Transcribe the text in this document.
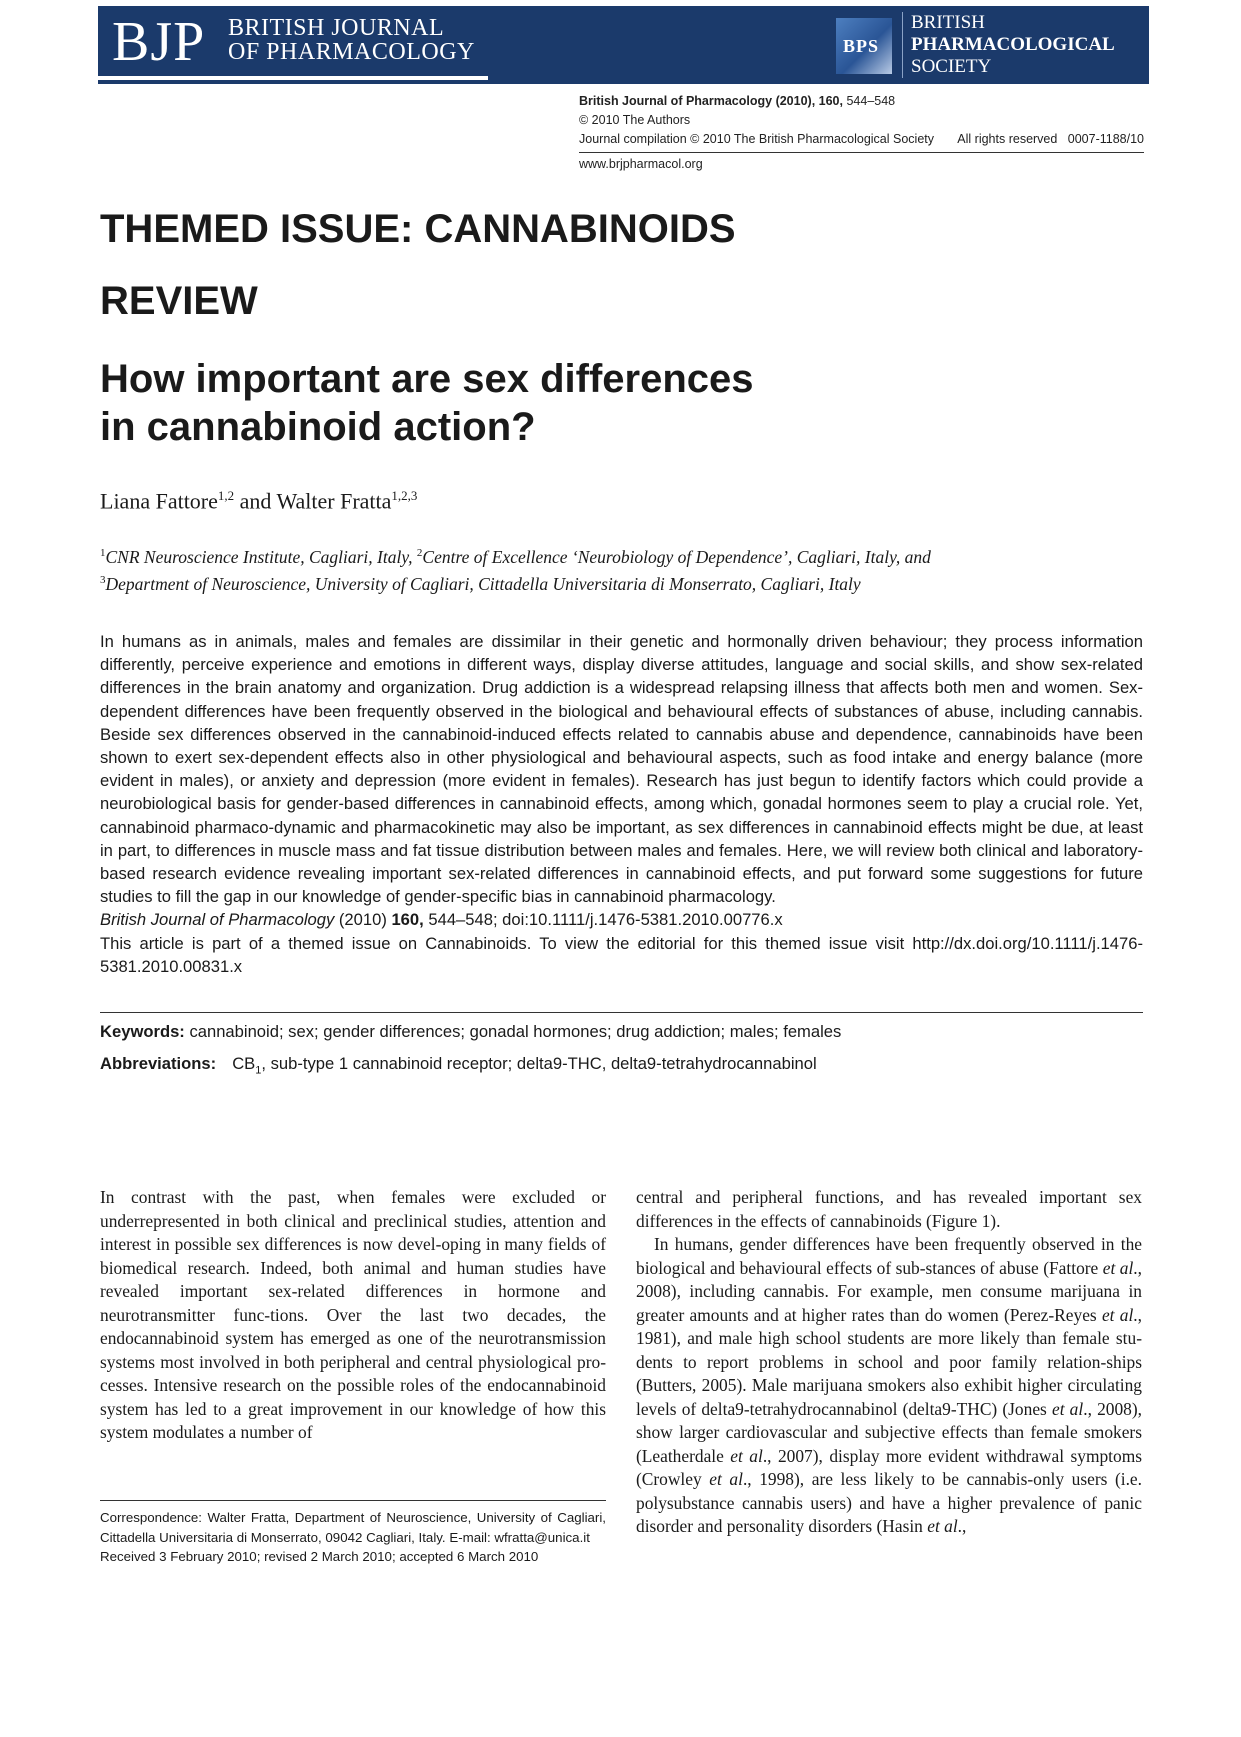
BJP BRITISH JOURNAL
OF PHARMACOLOGY	BPS
BRITISH
PHARMACOLOGICAL
SOCIETY
British Journal of Pharmacology (2010), 160, 544–548
© 2010 The Authors
Journal compilation © 2010 The British Pharmacological Society All rights reserved 0007-1188/10
www.brjpharmacol.org
THEMED ISSUE: CANNABINOIDS
REVIEW
How important are sex differences
in cannabinoid action?
Liana Fattore$^{1,2}$ and Walter Fratta$^{1,2,3}$
$^1$CNR Neuroscience Institute, Cagliari, Italy, $^2$Centre of Excellence ‘Neurobiology of Dependence’, Cagliari, Italy, and
$^3$Department of Neuroscience, University of Cagliari, Cittadella Universitaria di Monserrato, Cagliari, Italy

In humans as in animals, males and females are dissimilar in their genetic and hormonally driven behaviour; they process information differently, perceive experience and emotions in different ways, display diverse attitudes, language and social skills, and show sex-related differences in the brain anatomy and organization. Drug addiction is a widespread relapsing illness that affects both men and women. Sex-dependent differences have been frequently observed in the biological and behavioural effects of substances of abuse, including cannabis. Beside sex differences observed in the cannabinoid-induced effects related to cannabis abuse and dependence, cannabinoids have been shown to exert sex-dependent effects also in other physiological and behavioural aspects, such as food intake and energy balance (more evident in males), or anxiety and depression (more evident in females). Research has just begun to identify factors which could provide a neurobiological basis for gender-based differences in cannabinoid effects, among which, gonadal hormones seem to play a crucial role. Yet, cannabinoid pharmaco-dynamic and pharmacokinetic may also be important, as sex differences in cannabinoid effects might be due, at least in part, to differences in muscle mass and fat tissue distribution between males and females. Here, we will review both clinical and laboratory-based research evidence revealing important sex-related differences in cannabinoid effects, and put forward some suggestions for future studies to fill the gap in our knowledge of gender-specific bias in cannabinoid pharmacology.

British Journal of Pharmacology (2010) 160, 544–548; doi:10.1111/j.1476-5381.2010.00776.x

This article is part of a themed issue on Cannabinoids. To view the editorial for this themed issue visit http://dx.doi.org/10.1111/j.1476-5381.2010.00831.x

Keywords: cannabinoid; sex; gender differences; gonadal hormones; drug addiction; males; females
Abbreviations: $CB_1$, sub-type 1 cannabinoid receptor; delta9-THC, delta9-tetrahydrocannabinol

In contrast with the past, when females were excluded or underrepresented in both clinical and preclinical studies, attention and interest in possible sex differences is now devel-oping in many fields of biomedical research. Indeed, both animal and human studies have revealed important sex-related differences in hormone and neurotransmitter func-tions. Over the last two decades, the endocannabinoid system has emerged as one of the neurotransmission systems most involved in both peripheral and central physiological pro-cesses. Intensive research on the possible roles of the endocannabinoid system has led to a great improvement in our knowledge of how this system modulates a number of

Correspondence: Walter Fratta, Department of Neuroscience, University of Cagliari, Cittadella Universitaria di Monserrato, 09042 Cagliari, Italy. E-mail: wfratta@unica.it

Received 3 February 2010; revised 2 March 2010; accepted 6 March 2010

central and peripheral functions, and has revealed important sex differences in the effects of cannabinoids (Figure 1).

In humans, gender differences have been frequently observed in the biological and behavioural effects of sub-stances of abuse (Fattore et al., 2008), including cannabis. For example, men consume marijuana in greater amounts and at higher rates than do women (Perez-Reyes et al., 1981), and male high school students are more likely than female stu-dents to report problems in school and poor family relation-ships (Butters, 2005). Male marijuana smokers also exhibit higher circulating levels of delta9-tetrahydrocannabinol (delta9-THC) (Jones et al., 2008), show larger cardiovascular and subjective effects than female smokers (Leatherdale et al., 2007), display more evident withdrawal symptoms (Crowley et al., 1998), are less likely to be cannabis-only users (i.e. polysubstance cannabis users) and have a higher prevalence of panic disorder and personality disorders (Hasin et al.,
